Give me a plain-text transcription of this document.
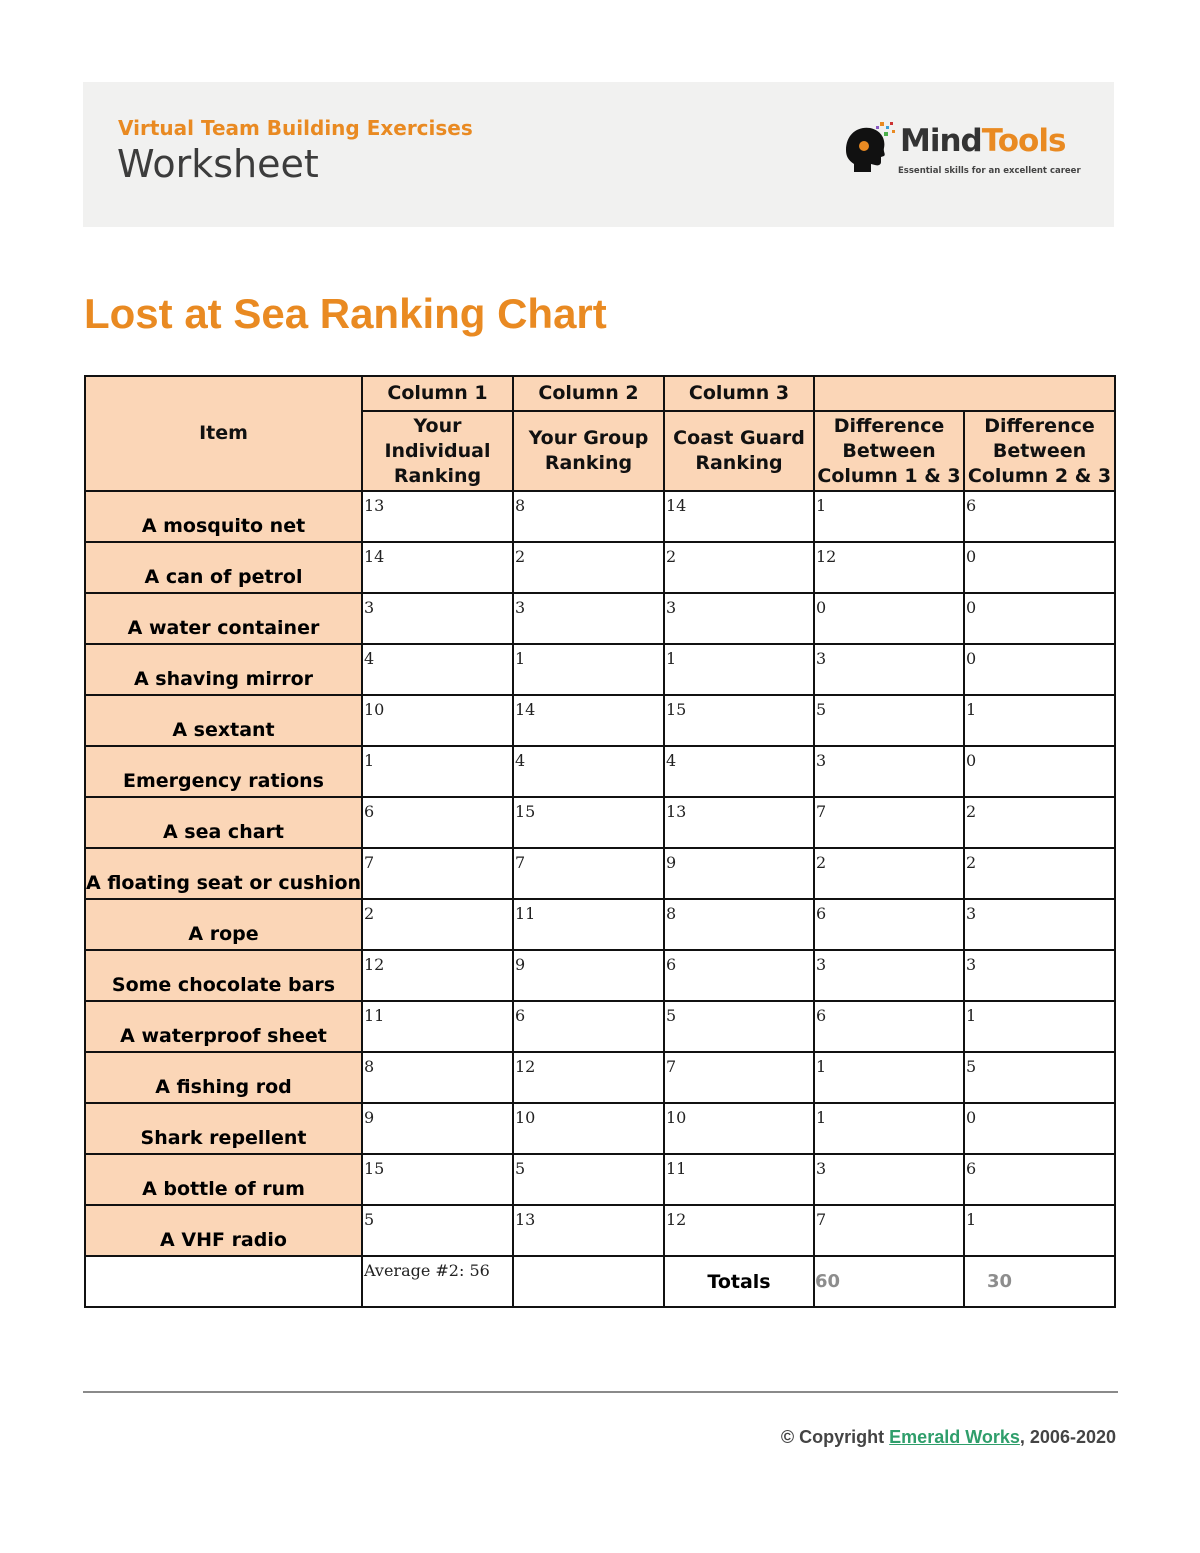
Virtual Team Building Exercises
Worksheet
MindTools
Essential skills for an excellent career
Lost at Sea Ranking Chart
Item	Column 1	Column 2	Column 3		
	Your Individual Ranking	Your Group Ranking	Coast Guard Ranking	Difference Between Column 1 & 3	Difference Between Column 2 & 3
A mosquito net	13	8	14	1	6
A can of petrol	14	2	2	12	0
A water container	3	3	3	0	0
A shaving mirror	4	1	1	3	0
A sextant	10	14	15	5	1
Emergency rations	1	4	4	3	0
A sea chart	6	15	13	7	2
A floating seat or cushion	7	7	9	2	2
A rope	2	11	8	6	3
Some chocolate bars	12	9	6	3	3
A waterproof sheet	11	6	5	6	1
A fishing rod	8	12	7	1	5
Shark repellent	9	10	10	1	0
A bottle of rum	15	5	11	3	6
A VHF radio	5	13	12	7	1
	Average #2: 56		Totals	60	30
© Copyright Emerald Works, 2006-2020
